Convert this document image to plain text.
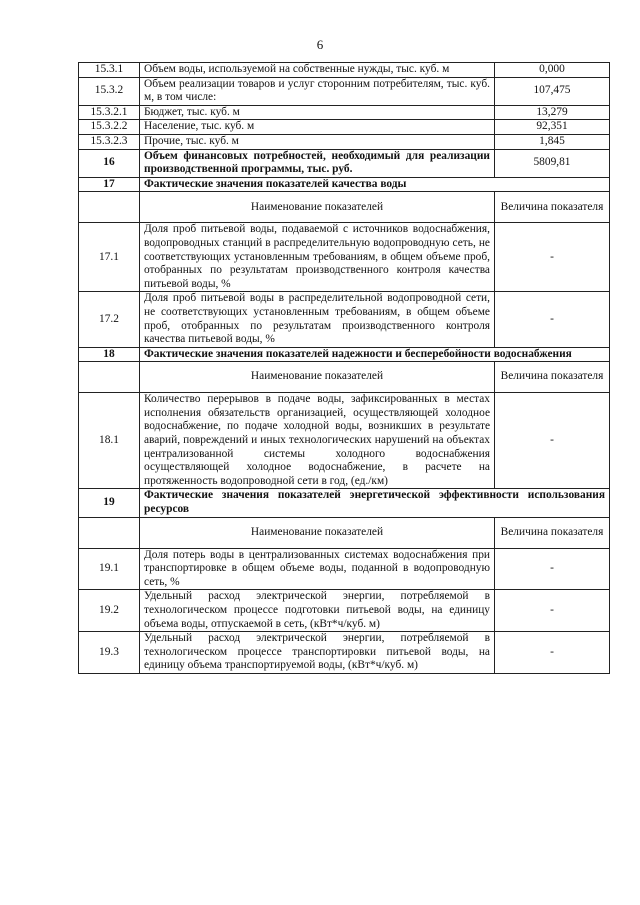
6
15.3.1	Объем воды, используемой на собственные нужды, тыс. куб. м	0,000
15.3.2	Объем реализации товаров и услуг сторонним потребителям, тыс. куб. м, в том числе:	107,475
15.3.2.1	Бюджет, тыс. куб. м	13,279
15.3.2.2	Население, тыс. куб. м	92,351
15.3.2.3	Прочие, тыс. куб. м	1,845
16	Объем финансовых потребностей, необходимый для реализации производственной программы, тыс. руб.	5809,81
17	Фактические значения показателей качества воды	
	Наименование показателей	Величина показателя
17.1	Доля проб питьевой воды, подаваемой с источников водоснабжения, водопроводных станций в распределительную водопроводную сеть, не соответствующих установленным требованиям, в общем объеме проб, отобранных по результатам производственного контроля качества питьевой воды, %	-
17.2	Доля проб питьевой воды в распределительной водопроводной сети, не соответствующих установленным требованиям, в общем объеме проб, отобранных по результатам производственного контроля качества питьевой воды, %	-
18	Фактические значения показателей надежности и бесперебойности водоснабжения	
	Наименование показателей	Величина показателя
18.1	Количество перерывов в подаче воды, зафиксированных в местах исполнения обязательств организацией, осуществляющей холодное водоснабжение, по подаче холодной воды, возникших в результате аварий, повреждений и иных технологических нарушений на объектах централизованной системы холодного водоснабжения осуществляющей холодное водоснабжение, в расчете на протяженность водопроводной сети в год, (ед./км)	-
19	Фактические значения показателей энергетической эффективности использования ресурсов	
	Наименование показателей	Величина показателя
19.1	Доля потерь воды в централизованных системах водоснабжения при транспортировке в общем объеме воды, поданной в водопроводную сеть, %	-
19.2	Удельный расход электрической энергии, потребляемой в технологическом процессе подготовки питьевой воды, на единицу объема воды, отпускаемой в сеть, (кВт*ч/куб. м)	-
19.3	Удельный расход электрической энергии, потребляемой в технологическом процессе транспортировки питьевой воды, на единицу объема транспортируемой воды, (кВт*ч/куб. м)	-
